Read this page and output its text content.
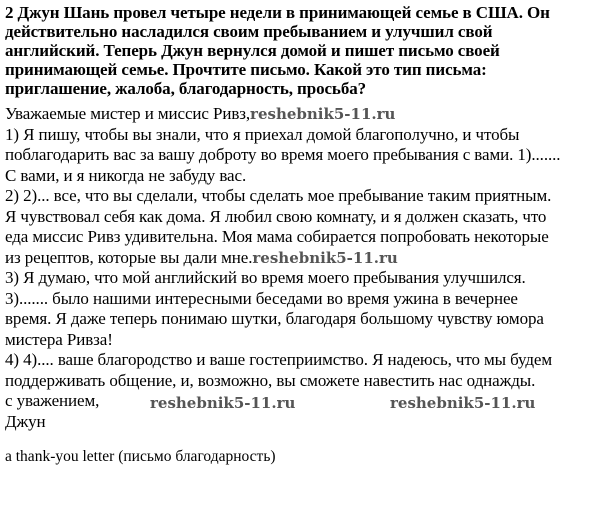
2 Джун Шань провел четыре недели в принимающей семье в США. Он
действительно насладился своим пребыванием и улучшил свой
английский. Теперь Джун вернулся домой и пишет письмо своей
принимающей семье. Прочтите письмо. Какой это тип письма:
приглашение, жалоба, благодарность, просьба?
Уважаемые мистер и миссис Ривз,reshebnik5-11.ru
1) Я пишу, чтобы вы знали, что я приехал домой благополучно, и чтобы
поблагодарить вас за вашу доброту во время моего пребывания с вами. 1).......
С вами, и я никогда не забуду вас.
2) 2)... все, что вы сделали, чтобы сделать мое пребывание таким приятным.
Я чувствовал себя как дома. Я любил свою комнату, и я должен сказать, что
еда миссис Ривз удивительна. Моя мама собирается попробовать некоторые
из рецептов, которые вы дали мне.reshebnik5-11.ru
3) Я думаю, что мой английский во время моего пребывания улучшился.
3)....... было нашими интересными беседами во время ужина в вечернее
время. Я даже теперь понимаю шутки, благодаря большому чувству юмора
мистера Ривза!
4) 4).... ваше благородство и ваше гостеприимство. Я надеюсь, что мы будем
поддерживать общение, и, возможно, вы сможете навестить нас однажды.
с уважением,
Джун
reshebnik5-11.ru	reshebnik5-11.ru
a thank-you letter (письмо благодарность)
